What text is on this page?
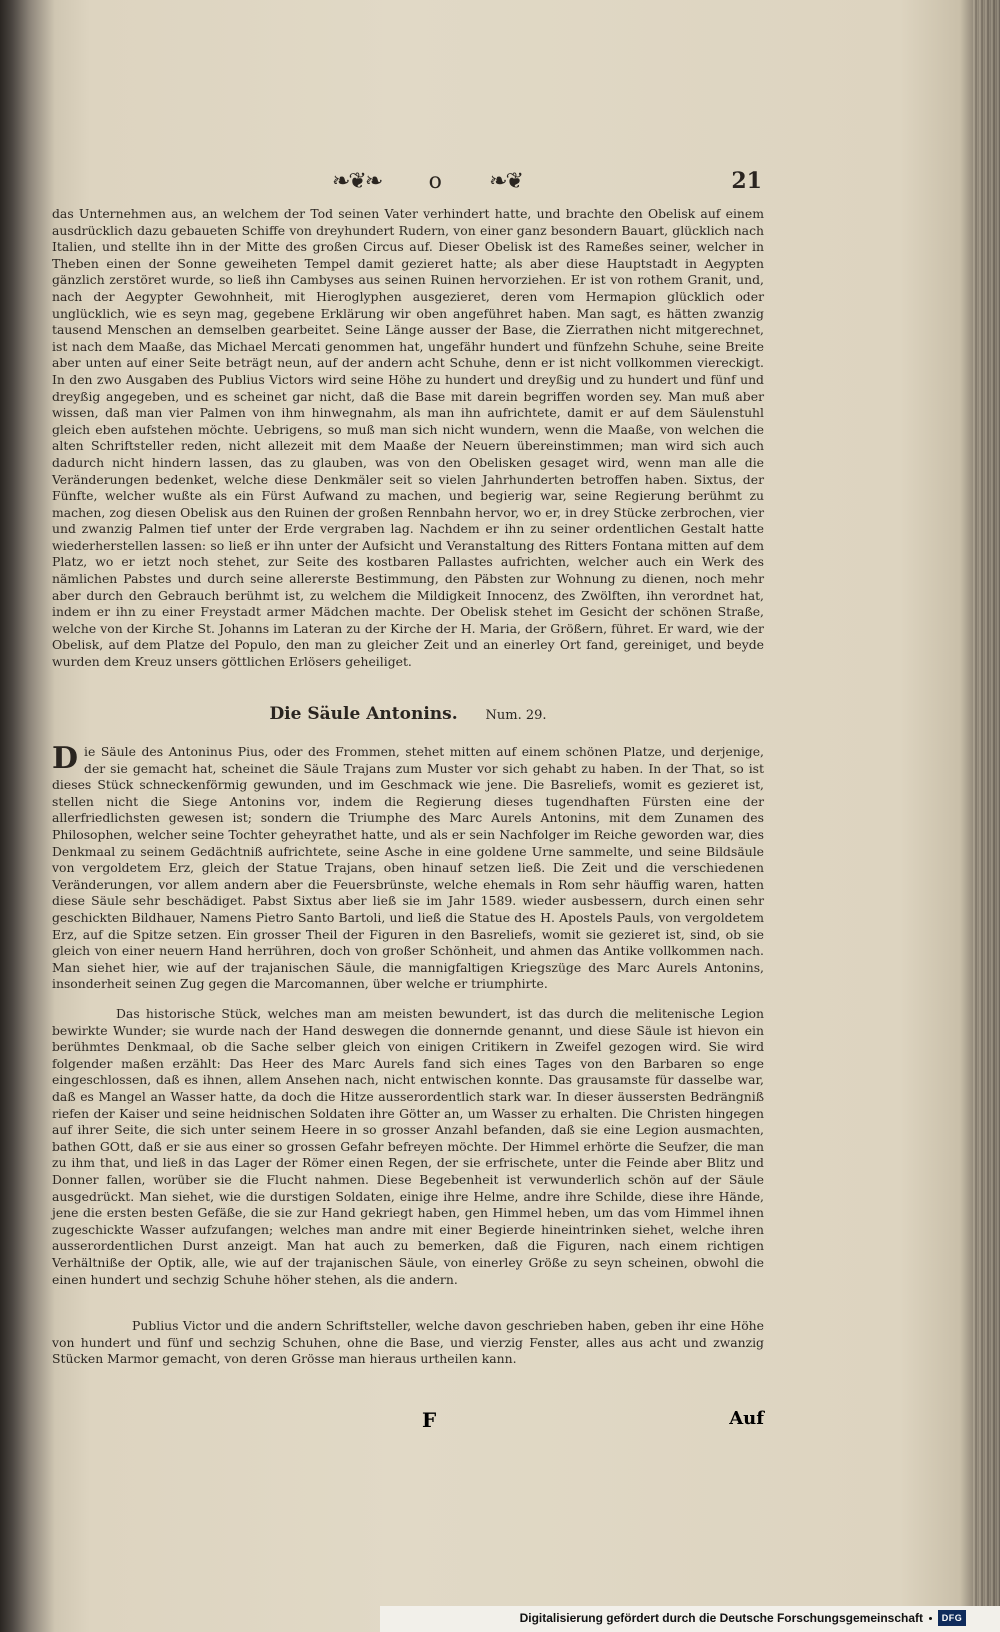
❧❦❧ o ❧❦	21

das Unternehmen aus, an welchem der Tod seinen Vater verhindert hatte, und brachte den Obelisk auf einem ausdrücklich dazu gebaueten Schiffe von dreyhundert Rudern, von einer ganz besondern Bauart, glücklich nach Italien, und stellte ihn in der Mitte des großen Circus auf. Dieser Obelisk ist des Rameßes seiner, welcher in Theben einen der Sonne geweiheten Tempel damit gezieret hatte; als aber diese Hauptstadt in Aegypten gänzlich zerstöret wurde, so ließ ihn Cambyses aus seinen Ruinen hervorziehen. Er ist von rothem Granit, und, nach der Aegypter Gewohnheit, mit Hieroglyphen ausgezieret, deren vom Hermapion glücklich oder unglücklich, wie es seyn mag, gegebene Erklärung wir oben angeführet haben. Man sagt, es hätten zwanzig tausend Menschen an demselben gearbeitet. Seine Länge ausser der Base, die Zierrathen nicht mitgerechnet, ist nach dem Maaße, das Michael Mercati genommen hat, ungefähr hundert und fünfzehn Schuhe, seine Breite aber unten auf einer Seite beträgt neun, auf der andern acht Schuhe, denn er ist nicht vollkommen viereckigt. In den zwo Ausgaben des Publius Victors wird seine Höhe zu hundert und dreyßig und zu hundert und fünf und dreyßig angegeben, und es scheinet gar nicht, daß die Base mit darein begriffen worden sey. Man muß aber wissen, daß man vier Palmen von ihm hinwegnahm, als man ihn aufrichtete, damit er auf dem Säulenstuhl gleich eben aufstehen möchte. Uebrigens, so muß man sich nicht wundern, wenn die Maaße, von welchen die alten Schriftsteller reden, nicht allezeit mit dem Maaße der Neuern übereinstimmen; man wird sich auch dadurch nicht hindern lassen, das zu glauben, was von den Obelisken gesaget wird, wenn man alle die Veränderungen bedenket, welche diese Denkmäler seit so vielen Jahrhunderten betroffen haben. Sixtus, der Fünfte, welcher wußte als ein Fürst Aufwand zu machen, und begierig war, seine Regierung berühmt zu machen, zog diesen Obelisk aus den Ruinen der großen Rennbahn hervor, wo er, in drey Stücke zerbrochen, vier und zwanzig Palmen tief unter der Erde vergraben lag. Nachdem er ihn zu seiner ordentlichen Gestalt hatte wiederherstellen lassen: so ließ er ihn unter der Aufsicht und Veranstaltung des Ritters Fontana mitten auf dem Platz, wo er ietzt noch stehet, zur Seite des kostbaren Pallastes aufrichten, welcher auch ein Werk des nämlichen Pabstes und durch seine allererste Bestimmung, den Päbsten zur Wohnung zu dienen, noch mehr aber durch den Gebrauch berühmt ist, zu welchem die Mildigkeit Innocenz, des Zwölften, ihn verordnet hat, indem er ihn zu einer Freystadt armer Mädchen machte. Der Obelisk stehet im Gesicht der schönen Straße, welche von der Kirche St. Johanns im Lateran zu der Kirche der H. Maria, der Größern, führet. Er ward, wie der Obelisk, auf dem Platze del Populo, den man zu gleicher Zeit und an einerley Ort fand, gereiniget, und beyde wurden dem Kreuz unsers göttlichen Erlösers geheiliget.

Die Säule Antonins. Num. 29.

Die Säule des Antoninus Pius, oder des Frommen, stehet mitten auf einem schönen Platze, und derjenige, der sie gemacht hat, scheinet die Säule Trajans zum Muster vor sich gehabt zu haben. In der That, so ist dieses Stück schneckenförmig gewunden, und im Geschmack wie jene. Die Basreliefs, womit es gezieret ist, stellen nicht die Siege Antonins vor, indem die Regierung dieses tugendhaften Fürsten eine der allerfriedlichsten gewesen ist; sondern die Triumphe des Marc Aurels Antonins, mit dem Zunamen des Philosophen, welcher seine Tochter geheyrathet hatte, und als er sein Nachfolger im Reiche geworden war, dies Denkmaal zu seinem Gedächtniß aufrichtete, seine Asche in eine goldene Urne sammelte, und seine Bildsäule von vergoldetem Erz, gleich der Statue Trajans, oben hinauf setzen ließ. Die Zeit und die verschiedenen Veränderungen, vor allem andern aber die Feuersbrünste, welche ehemals in Rom sehr häuffig waren, hatten diese Säule sehr beschädiget. Pabst Sixtus aber ließ sie im Jahr 1589. wieder ausbessern, durch einen sehr geschickten Bildhauer, Namens Pietro Santo Bartoli, und ließ die Statue des H. Apostels Pauls, von vergoldetem Erz, auf die Spitze setzen. Ein grosser Theil der Figuren in den Basreliefs, womit sie gezieret ist, sind, ob sie gleich von einer neuern Hand herrühren, doch von großer Schönheit, und ahmen das Antike vollkommen nach. Man siehet hier, wie auf der trajanischen Säule, die mannigfaltigen Kriegszüge des Marc Aurels Antonins, insonderheit seinen Zug gegen die Marcomannen, über welche er triumphirte.

Das historische Stück, welches man am meisten bewundert, ist das durch die melitenische Legion bewirkte Wunder; sie wurde nach der Hand deswegen die donnernde genannt, und diese Säule ist hievon ein berühmtes Denkmaal, ob die Sache selber gleich von einigen Critikern in Zweifel gezogen wird. Sie wird folgender maßen erzählt: Das Heer des Marc Aurels fand sich eines Tages von den Barbaren so enge eingeschlossen, daß es ihnen, allem Ansehen nach, nicht entwischen konnte. Das grausamste für dasselbe war, daß es Mangel an Wasser hatte, da doch die Hitze ausserordentlich stark war. In dieser äussersten Bedrängniß riefen der Kaiser und seine heidnischen Soldaten ihre Götter an, um Wasser zu erhalten. Die Christen hingegen auf ihrer Seite, die sich unter seinem Heere in so grosser Anzahl befanden, daß sie eine Legion ausmachten, bathen GOtt, daß er sie aus einer so grossen Gefahr befreyen möchte. Der Himmel erhörte die Seufzer, die man zu ihm that, und ließ in das Lager der Römer einen Regen, der sie erfrischete, unter die Feinde aber Blitz und Donner fallen, worüber sie die Flucht nahmen. Diese Begebenheit ist verwunderlich schön auf der Säule ausgedrückt. Man siehet, wie die durstigen Soldaten, einige ihre Helme, andre ihre Schilde, diese ihre Hände, jene die ersten besten Gefäße, die sie zur Hand gekriegt haben, gen Himmel heben, um das vom Himmel ihnen zugeschickte Wasser aufzufangen; welches man andre mit einer Begierde hineintrinken siehet, welche ihren ausserordentlichen Durst anzeigt. Man hat auch zu bemerken, daß die Figuren, nach einem richtigen Verhältniße der Optik, alle, wie auf der trajanischen Säule, von einerley Größe zu seyn scheinen, obwohl die einen hundert und sechzig Schuhe höher stehen, als die andern.

Publius Victor und die andern Schriftsteller, welche davon geschrieben haben, geben ihr eine Höhe von hundert und fünf und sechzig Schuhen, ohne die Base, und vierzig Fenster, alles aus acht und zwanzig Stücken Marmor gemacht, von deren Grösse man hieraus urtheilen kann.

F	Auf
Digitalisierung gefördert durch die Deutsche Forschungsgemeinschaft	DFG
